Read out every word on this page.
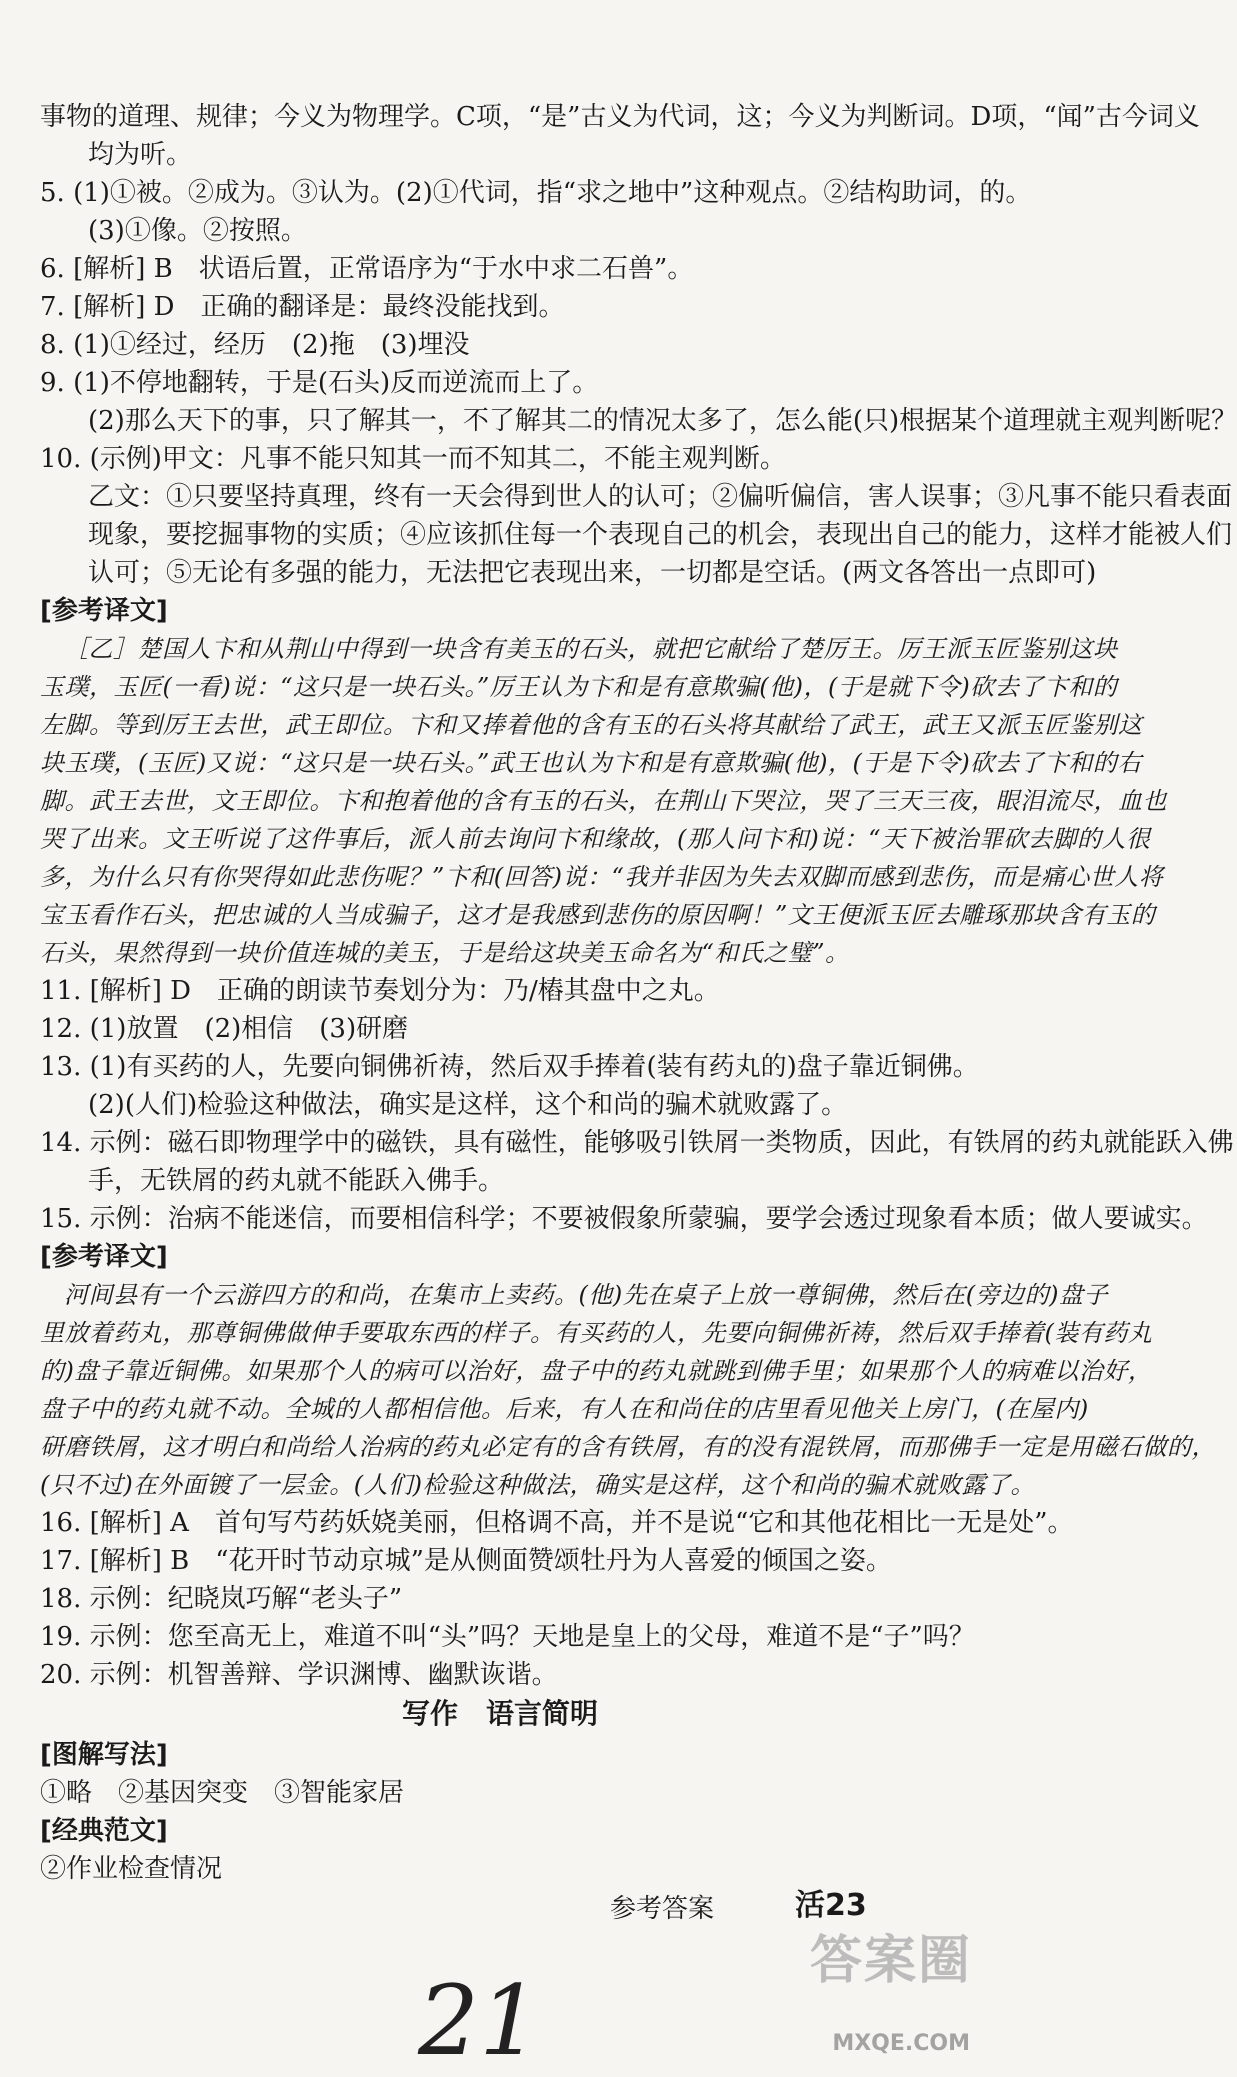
事物的道理、规律；今义为物理学。C项，“是”古义为代词，这；今义为判断词。D项，“闻”古今词义
均为听。
5. (1)①被。②成为。③认为。(2)①代词，指“求之地中”这种观点。②结构助词，的。
(3)①像。②按照。
6. [解析] B　状语后置，正常语序为“于水中求二石兽”。
7. [解析] D　正确的翻译是：最终没能找到。
8. (1)①经过，经历　(2)拖　(3)埋没
9. (1)不停地翻转，于是(石头)反而逆流而上了。
(2)那么天下的事，只了解其一，不了解其二的情况太多了，怎么能(只)根据某个道理就主观判断呢？
10. (示例)甲文：凡事不能只知其一而不知其二，不能主观判断。
乙文：①只要坚持真理，终有一天会得到世人的认可；②偏听偏信，害人误事；③凡事不能只看表面
现象，要挖掘事物的实质；④应该抓住每一个表现自己的机会，表现出自己的能力，这样才能被人们
认可；⑤无论有多强的能力，无法把它表现出来，一切都是空话。(两文各答出一点即可)
[参考译文]
［乙］楚国人卞和从荆山中得到一块含有美玉的石头，就把它献给了楚厉王。厉王派玉匠鉴别这块
玉璞，玉匠(一看)说：“这只是一块石头。”厉王认为卞和是有意欺骗(他)，(于是就下令)砍去了卞和的
左脚。等到厉王去世，武王即位。卞和又捧着他的含有玉的石头将其献给了武王，武王又派玉匠鉴别这
块玉璞，(玉匠)又说：“这只是一块石头。”武王也认为卞和是有意欺骗(他)，(于是下令)砍去了卞和的右
脚。武王去世，文王即位。卞和抱着他的含有玉的石头，在荆山下哭泣，哭了三天三夜，眼泪流尽，血也
哭了出来。文王听说了这件事后，派人前去询问卞和缘故，(那人问卞和)说：“天下被治罪砍去脚的人很
多，为什么只有你哭得如此悲伤呢？”卞和(回答)说：“我并非因为失去双脚而感到悲伤，而是痛心世人将
宝玉看作石头，把忠诚的人当成骗子，这才是我感到悲伤的原因啊！”文王便派玉匠去雕琢那块含有玉的
石头，果然得到一块价值连城的美玉，于是给这块美玉命名为“和氏之璧”。
11. [解析] D　正确的朗读节奏划分为：乃/樁其盘中之丸。
12. (1)放置　(2)相信　(3)研磨
13. (1)有买药的人，先要向铜佛祈祷，然后双手捧着(装有药丸的)盘子靠近铜佛。
(2)(人们)检验这种做法，确实是这样，这个和尚的骗术就败露了。
14. 示例：磁石即物理学中的磁铁，具有磁性，能够吸引铁屑一类物质，因此，有铁屑的药丸就能跃入佛
手，无铁屑的药丸就不能跃入佛手。
15. 示例：治病不能迷信，而要相信科学；不要被假象所蒙骗，要学会透过现象看本质；做人要诚实。
[参考译文]
河间县有一个云游四方的和尚，在集市上卖药。(他)先在桌子上放一尊铜佛，然后在(旁边的)盘子
里放着药丸，那尊铜佛做伸手要取东西的样子。有买药的人，先要向铜佛祈祷，然后双手捧着(装有药丸
的)盘子靠近铜佛。如果那个人的病可以治好，盘子中的药丸就跳到佛手里；如果那个人的病难以治好，
盘子中的药丸就不动。全城的人都相信他。后来，有人在和尚住的店里看见他关上房门，(在屋内)
研磨铁屑，这才明白和尚给人治病的药丸必定有的含有铁屑，有的没有混铁屑，而那佛手一定是用磁石做的，
(只不过)在外面镀了一层金。(人们)检验这种做法，确实是这样，这个和尚的骗术就败露了。
16. [解析] A　首句写芍药妖娆美丽，但格调不高，并不是说“它和其他花相比一无是处”。
17. [解析] B　“花开时节动京城”是从侧面赞颂牡丹为人喜爱的倾国之姿。
18. 示例：纪晓岚巧解“老头子”
19. 示例：您至高无上，难道不叫“头”吗？天地是皇上的父母，难道不是“子”吗？
20. 示例：机智善辩、学识渊博、幽默诙谐。
写作 语言简明
[图解写法]
①略　②基因突变　③智能家居
[经典范文]
②作业检查情况
参考答案	活23
21
答案圈
MXQE.COM
